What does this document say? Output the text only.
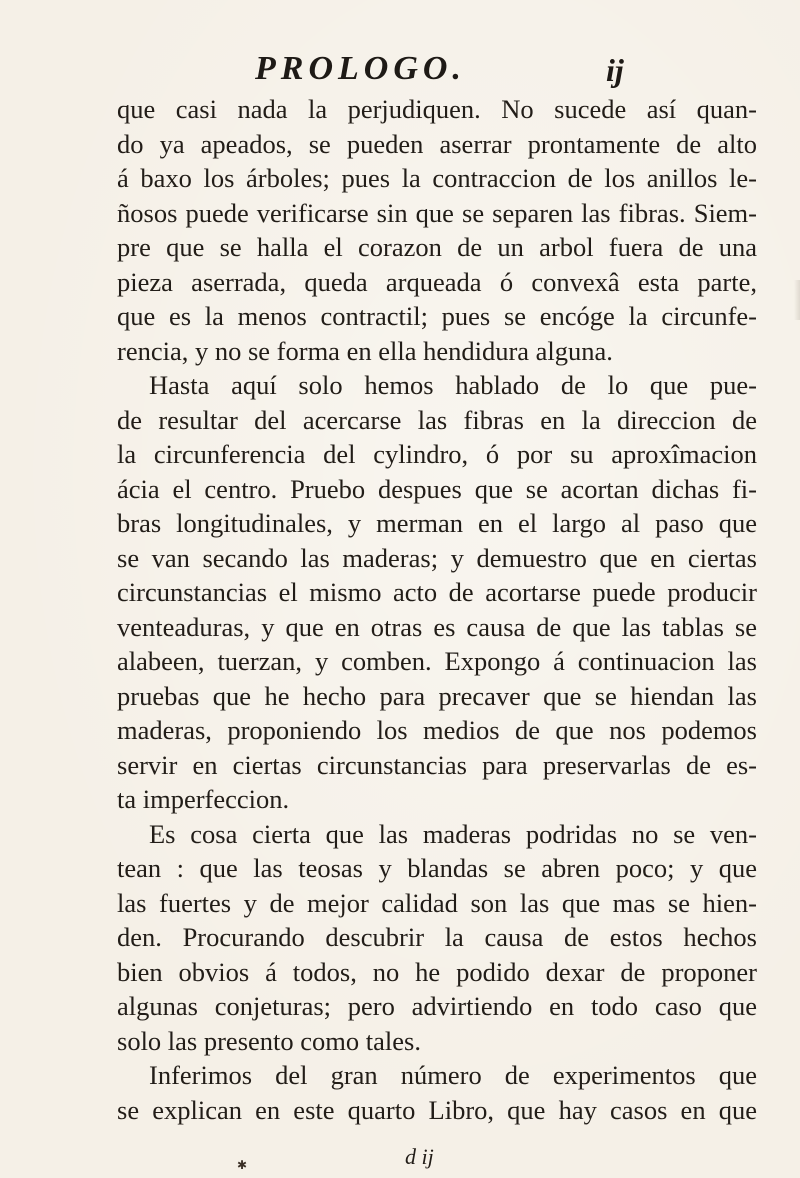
PROLOGO.	ij
que casi nada la perjudiquen. No sucede así quan-
do ya apeados, se pueden aserrar prontamente de alto
á baxo los árboles; pues la contraccion de los anillos le-
ñosos puede verificarse sin que se separen las fibras. Siem-
pre que se halla el corazon de un arbol fuera de una
pieza aserrada, queda arqueada ó convexâ esta parte,
que es la menos contractil; pues se encóge la circunfe-
rencia, y no se forma en ella hendidura alguna.
Hasta aquí solo hemos hablado de lo que pue-
de resultar del acercarse las fibras en la direccion de
la circunferencia del cylindro, ó por su aproxîmacion
ácia el centro. Pruebo despues que se acortan dichas fi-
bras longitudinales, y merman en el largo al paso que
se van secando las maderas; y demuestro que en ciertas
circunstancias el mismo acto de acortarse puede producir
venteaduras, y que en otras es causa de que las tablas se
alabeen, tuerzan, y comben. Expongo á continuacion las
pruebas que he hecho para precaver que se hiendan las
maderas, proponiendo los medios de que nos podemos
servir en ciertas circunstancias para preservarlas de es-
ta imperfeccion.
Es cosa cierta que las maderas podridas no se ven-
tean : que las teosas y blandas se abren poco; y que
las fuertes y de mejor calidad son las que mas se hien-
den. Procurando descubrir la causa de estos hechos
bien obvios á todos, no he podido dexar de proponer
algunas conjeturas; pero advirtiendo en todo caso que
solo las presento como tales.
Inferimos del gran número de experimentos que
se explican en este quarto Libro, que hay casos en que
✱	d ij
